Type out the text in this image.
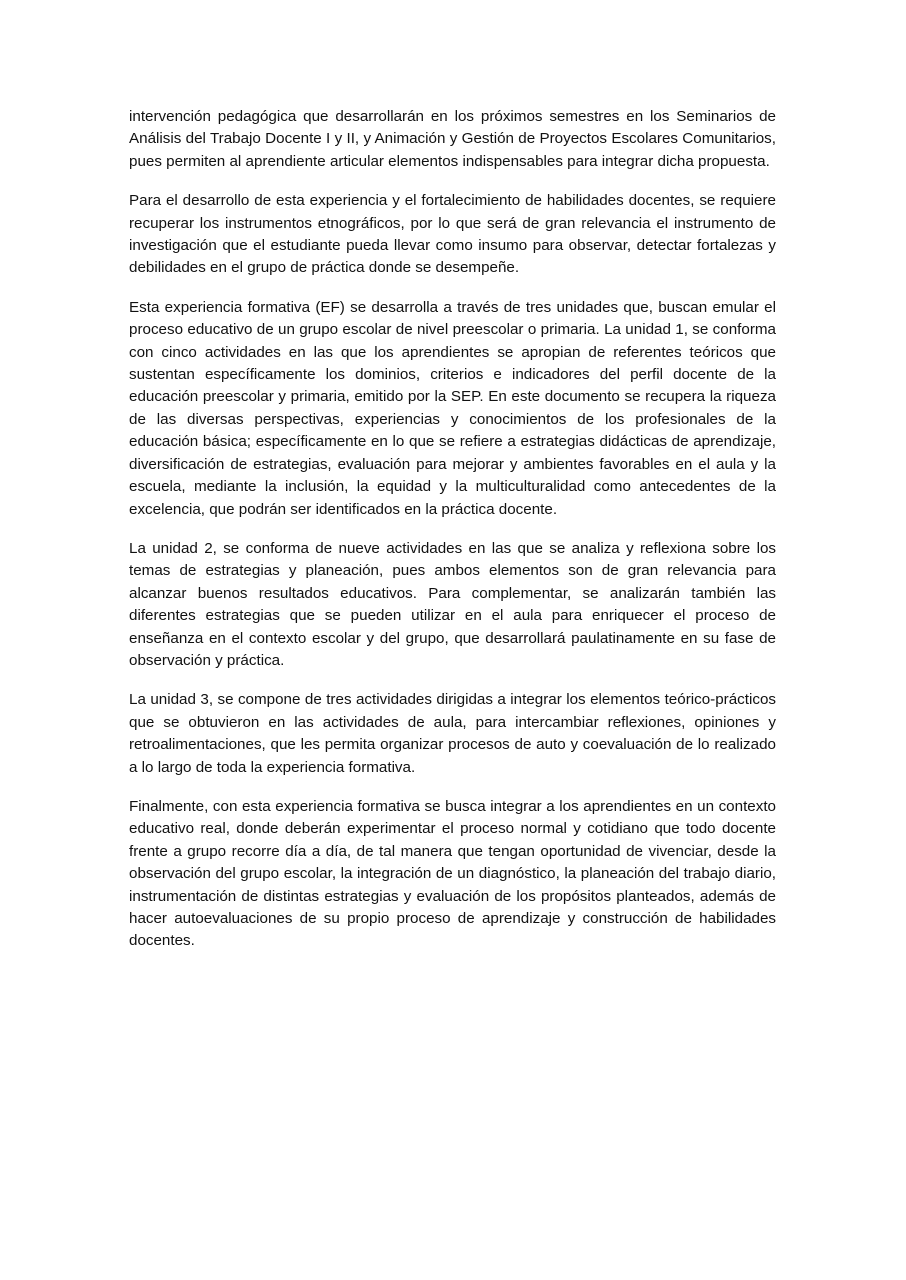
intervención pedagógica que desarrollarán en los próximos semestres en los Seminarios de Análisis del Trabajo Docente I y II, y Animación y Gestión de Proyectos Escolares Comunitarios, pues permiten al aprendiente articular elementos indispensables para integrar dicha propuesta.

Para el desarrollo de esta experiencia y el fortalecimiento de habilidades docentes, se requiere recuperar los instrumentos etnográficos, por lo que será de gran relevancia el instrumento de investigación que el estudiante pueda llevar como insumo para observar, detectar fortalezas y debilidades en el grupo de práctica donde se desempeñe.

Esta experiencia formativa (EF) se desarrolla a través de tres unidades que, buscan emular el proceso educativo de un grupo escolar de nivel preescolar o primaria. La unidad 1, se conforma con cinco actividades en las que los aprendientes se apropian de referentes teóricos que sustentan específicamente los dominios, criterios e indicadores del perfil docente de la educación preescolar y primaria, emitido por la SEP. En este documento se recupera la riqueza de las diversas perspectivas, experiencias y conocimientos de los profesionales de la educación básica; específicamente en lo que se refiere a estrategias didácticas de aprendizaje, diversificación de estrategias, evaluación para mejorar y ambientes favorables en el aula y la escuela, mediante la inclusión, la equidad y la multiculturalidad como antecedentes de la excelencia, que podrán ser identificados en la práctica docente.

La unidad 2, se conforma de nueve actividades en las que se analiza y reflexiona sobre los temas de estrategias y planeación, pues ambos elementos son de gran relevancia para alcanzar buenos resultados educativos. Para complementar, se analizarán también las diferentes estrategias que se pueden utilizar en el aula para enriquecer el proceso de enseñanza en el contexto escolar y del grupo, que desarrollará paulatinamente en su fase de observación y práctica.

La unidad 3, se compone de tres actividades dirigidas a integrar los elementos teórico-prácticos que se obtuvieron en las actividades de aula, para intercambiar reflexiones, opiniones y retroalimentaciones, que les permita organizar procesos de auto y coevaluación de lo realizado a lo largo de toda la experiencia formativa.

Finalmente, con esta experiencia formativa se busca integrar a los aprendientes en un contexto educativo real, donde deberán experimentar el proceso normal y cotidiano que todo docente frente a grupo recorre día a día, de tal manera que tengan oportunidad de vivenciar, desde la observación del grupo escolar, la integración de un diagnóstico, la planeación del trabajo diario, instrumentación de distintas estrategias y evaluación de los propósitos planteados, además de hacer autoevaluaciones de su propio proceso de aprendizaje y construcción de habilidades docentes.
